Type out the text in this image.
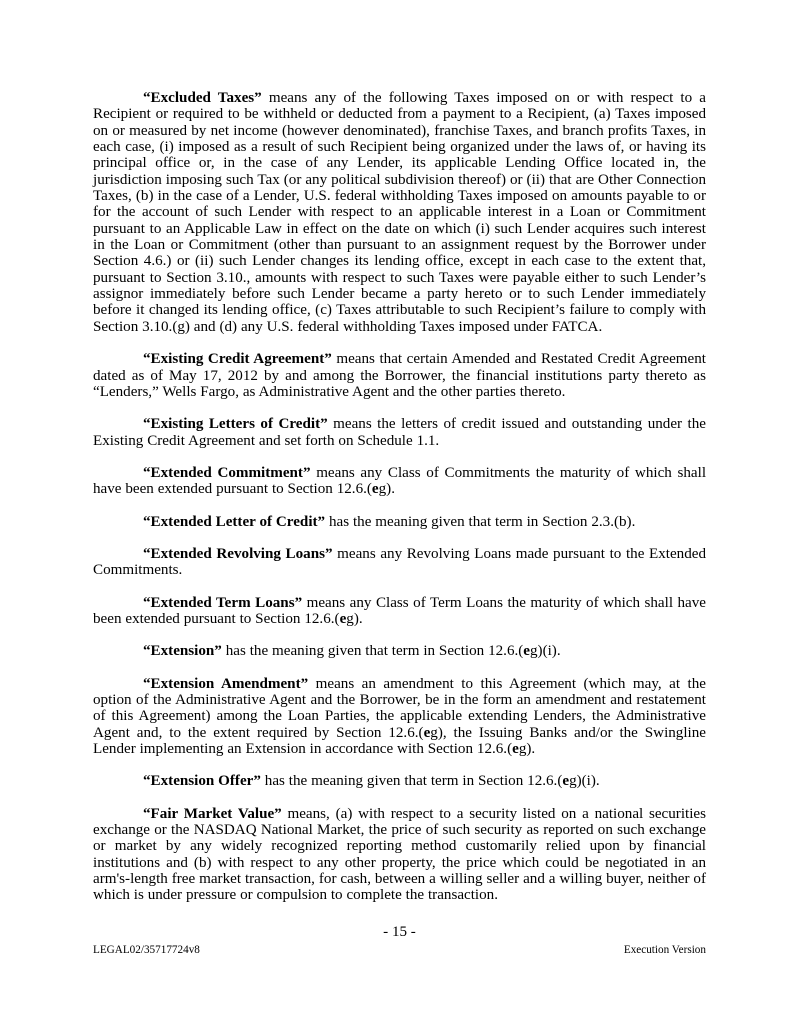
“Excluded Taxes” means any of the following Taxes imposed on or with respect to a Recipient or required to be withheld or deducted from a payment to a Recipient, (a) Taxes imposed on or measured by net income (however denominated), franchise Taxes, and branch profits Taxes, in each case, (i) imposed as a result of such Recipient being organized under the laws of, or having its principal office or, in the case of any Lender, its applicable Lending Office located in, the jurisdiction imposing such Tax (or any political subdivision thereof) or (ii) that are Other Connection Taxes, (b) in the case of a Lender, U.S. federal withholding Taxes imposed on amounts payable to or for the account of such Lender with respect to an applicable interest in a Loan or Commitment pursuant to an Applicable Law in effect on the date on which (i) such Lender acquires such interest in the Loan or Commitment (other than pursuant to an assignment request by the Borrower under Section 4.6.) or (ii) such Lender changes its lending office, except in each case to the extent that, pursuant to Section 3.10., amounts with respect to such Taxes were payable either to such Lender’s assignor immediately before such Lender became a party hereto or to such Lender immediately before it changed its lending office, (c) Taxes attributable to such Recipient’s failure to comply with Section 3.10.(g) and (d) any U.S. federal withholding Taxes imposed under FATCA.

“Existing Credit Agreement” means that certain Amended and Restated Credit Agreement dated as of May 17, 2012 by and among the Borrower, the financial institutions party thereto as “Lenders,” Wells Fargo, as Administrative Agent and the other parties thereto.

“Existing Letters of Credit” means the letters of credit issued and outstanding under the Existing Credit Agreement and set forth on Schedule 1.1.

“Extended Commitment” means any Class of Commitments the maturity of which shall have been extended pursuant to Section 12.6.(eg).

“Extended Letter of Credit” has the meaning given that term in Section 2.3.(b).

“Extended Revolving Loans” means any Revolving Loans made pursuant to the Extended Commitments.

“Extended Term Loans” means any Class of Term Loans the maturity of which shall have been extended pursuant to Section 12.6.(eg).

“Extension” has the meaning given that term in Section 12.6.(eg)(i).

“Extension Amendment” means an amendment to this Agreement (which may, at the option of the Administrative Agent and the Borrower, be in the form an amendment and restatement of this Agreement) among the Loan Parties, the applicable extending Lenders, the Administrative Agent and, to the extent required by Section 12.6.(eg), the Issuing Banks and/or the Swingline Lender implementing an Extension in accordance with Section 12.6.(eg).

“Extension Offer” has the meaning given that term in Section 12.6.(eg)(i).

“Fair Market Value” means, (a) with respect to a security listed on a national securities exchange or the NASDAQ National Market, the price of such security as reported on such exchange or market by any widely recognized reporting method customarily relied upon by financial institutions and (b) with respect to any other property, the price which could be negotiated in an arm's-length free market transaction, for cash, between a willing seller and a willing buyer, neither of which is under pressure or compulsion to complete the transaction.

- 15 -
LEGAL02/35717724v8	Execution Version
